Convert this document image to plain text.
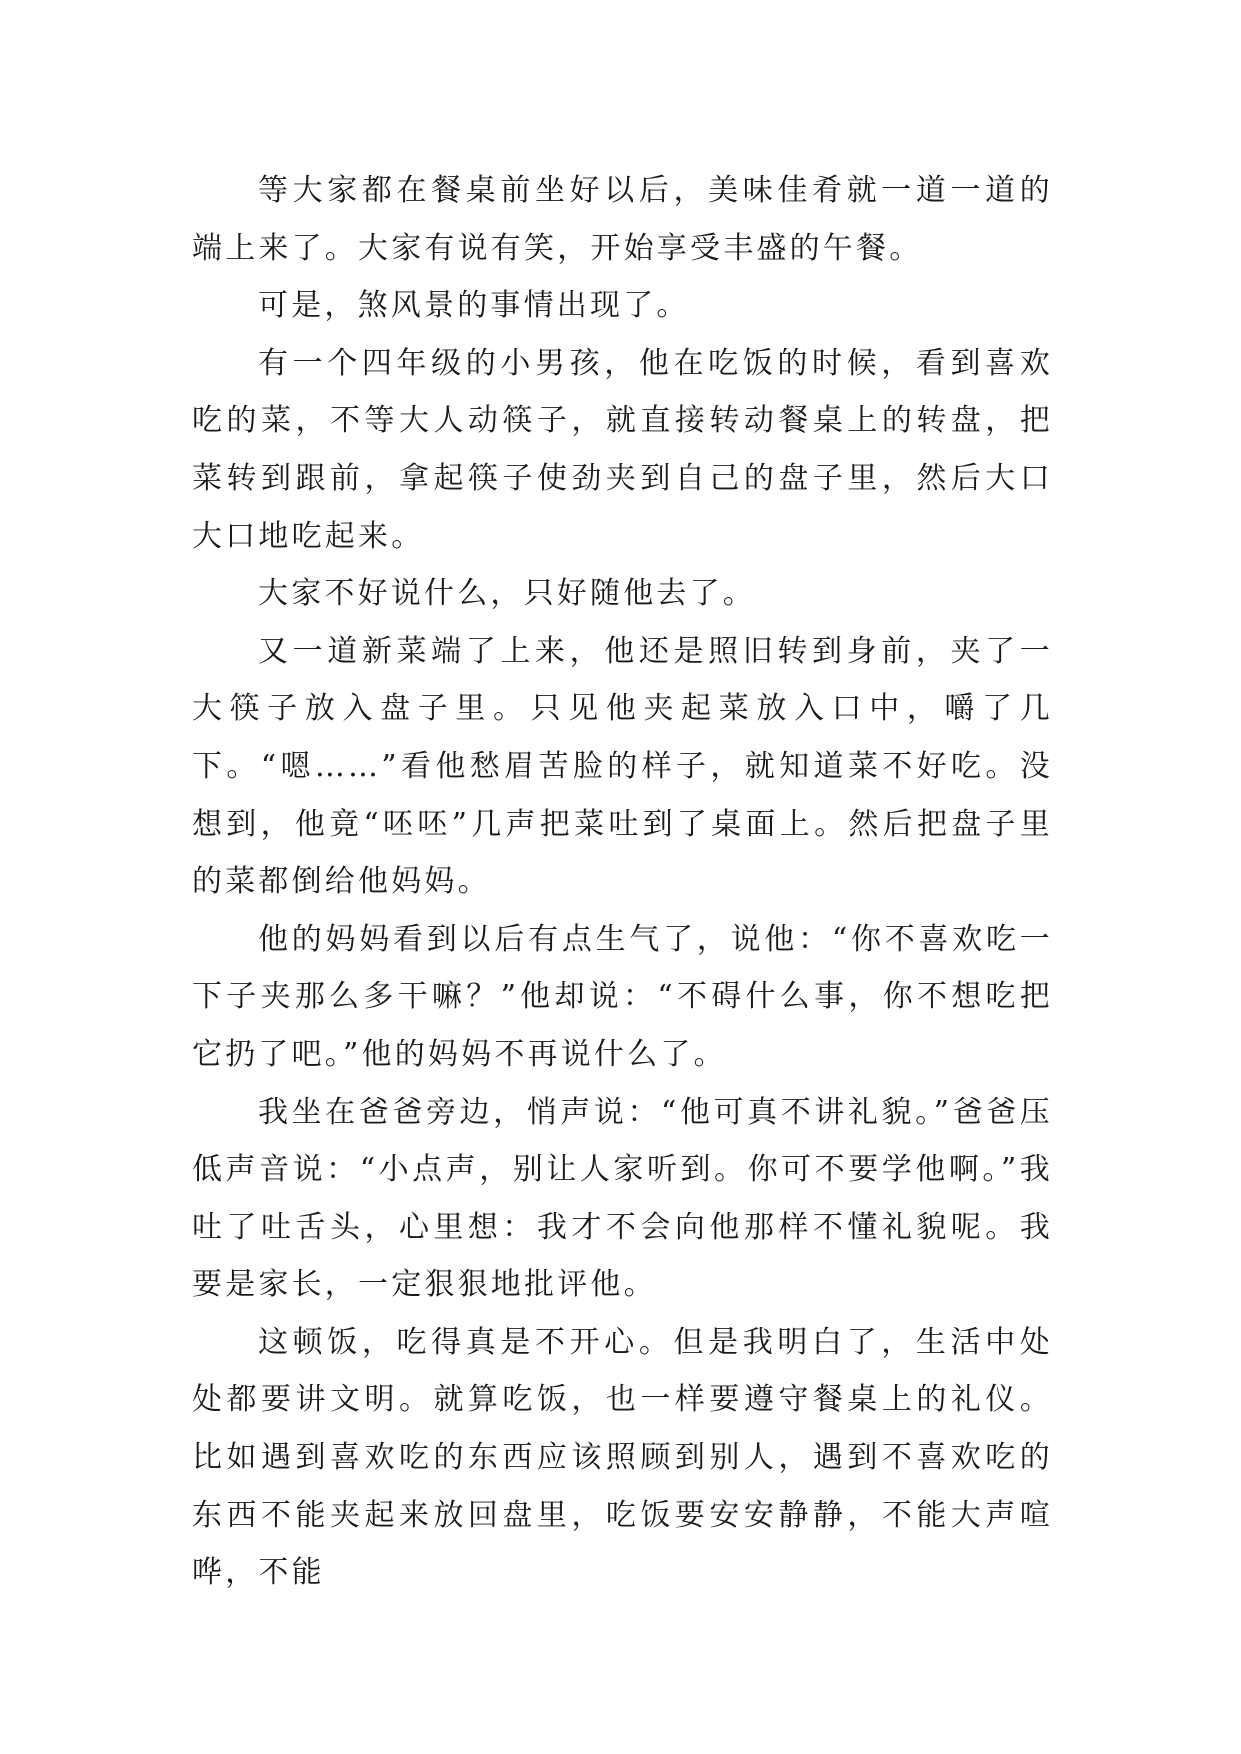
等大家都在餐桌前坐好以后，美味佳肴就一道一道的端上来了。大家有说有笑，开始享受丰盛的午餐。

可是，煞风景的事情出现了。

有一个四年级的小男孩，他在吃饭的时候，看到喜欢吃的菜，不等大人动筷子，就直接转动餐桌上的转盘，把菜转到跟前，拿起筷子使劲夹到自己的盘子里，然后大口大口地吃起来。

大家不好说什么，只好随他去了。

又一道新菜端了上来，他还是照旧转到身前，夹了一大筷子放入盘子里。只见他夹起菜放入口中，嚼了几下。“嗯……”看他愁眉苦脸的样子，就知道菜不好吃。没想到，他竟“呸呸”几声把菜吐到了桌面上。然后把盘子里的菜都倒给他妈妈。

他的妈妈看到以后有点生气了，说他：“你不喜欢吃一下子夹那么多干嘛？”他却说：“不碍什么事，你不想吃把它扔了吧。”他的妈妈不再说什么了。

我坐在爸爸旁边，悄声说：“他可真不讲礼貌。”爸爸压低声音说：“小点声，别让人家听到。你可不要学他啊。”我吐了吐舌头，心里想：我才不会向他那样不懂礼貌呢。我要是家长，一定狠狠地批评他。

这顿饭，吃得真是不开心。但是我明白了，生活中处处都要讲文明。就算吃饭，也一样要遵守餐桌上的礼仪。比如遇到喜欢吃的东西应该照顾到别人，遇到不喜欢吃的东西不能夹起来放回盘里，吃饭要安安静静，不能大声喧哗，不能
